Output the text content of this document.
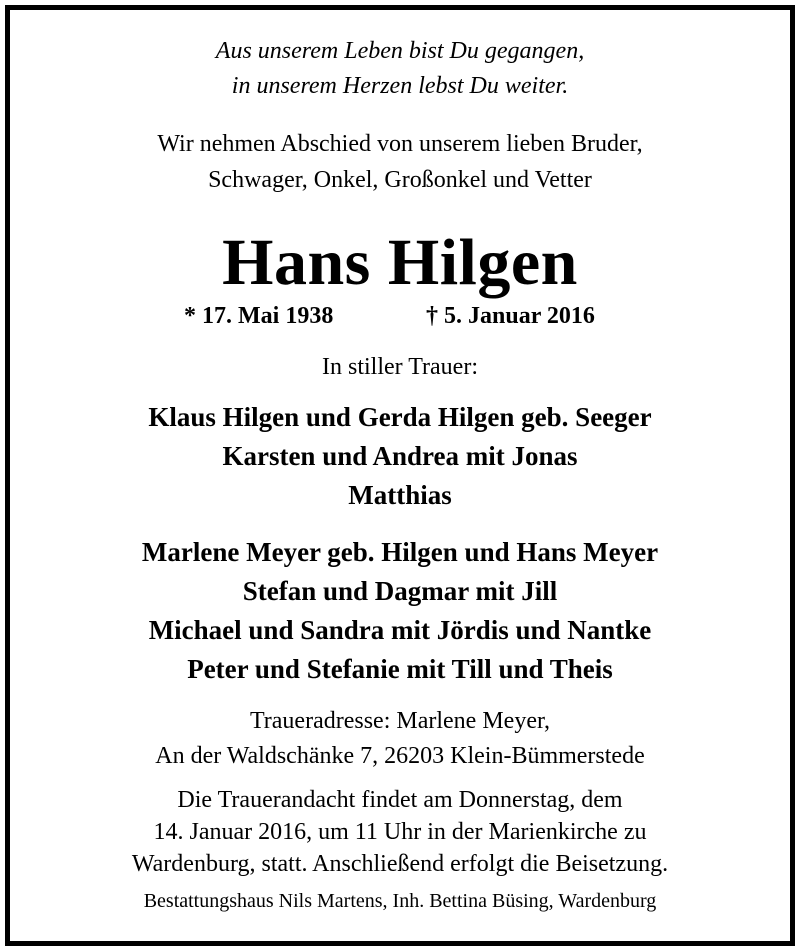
Aus unserem Leben bist Du gegangen,
in unserem Herzen lebst Du weiter.
Wir nehmen Abschied von unserem lieben Bruder,
Schwager, Onkel, Großonkel und Vetter
Hans Hilgen
* 17. Mai 1938	† 5. Januar 2016
In stiller Trauer:
Klaus Hilgen und Gerda Hilgen geb. Seeger
Karsten und Andrea mit Jonas
Matthias
Marlene Meyer geb. Hilgen und Hans Meyer
Stefan und Dagmar mit Jill
Michael und Sandra mit Jördis und Nantke
Peter und Stefanie mit Till und Theis
Traueradresse: Marlene Meyer,
An der Waldschänke 7, 26203 Klein-Bümmerstede
Die Trauerandacht findet am Donnerstag, dem
14. Januar 2016, um 11 Uhr in der Marienkirche zu
Wardenburg, statt. Anschließend erfolgt die Beisetzung.
Bestattungshaus Nils Martens, Inh. Bettina Büsing, Wardenburg
